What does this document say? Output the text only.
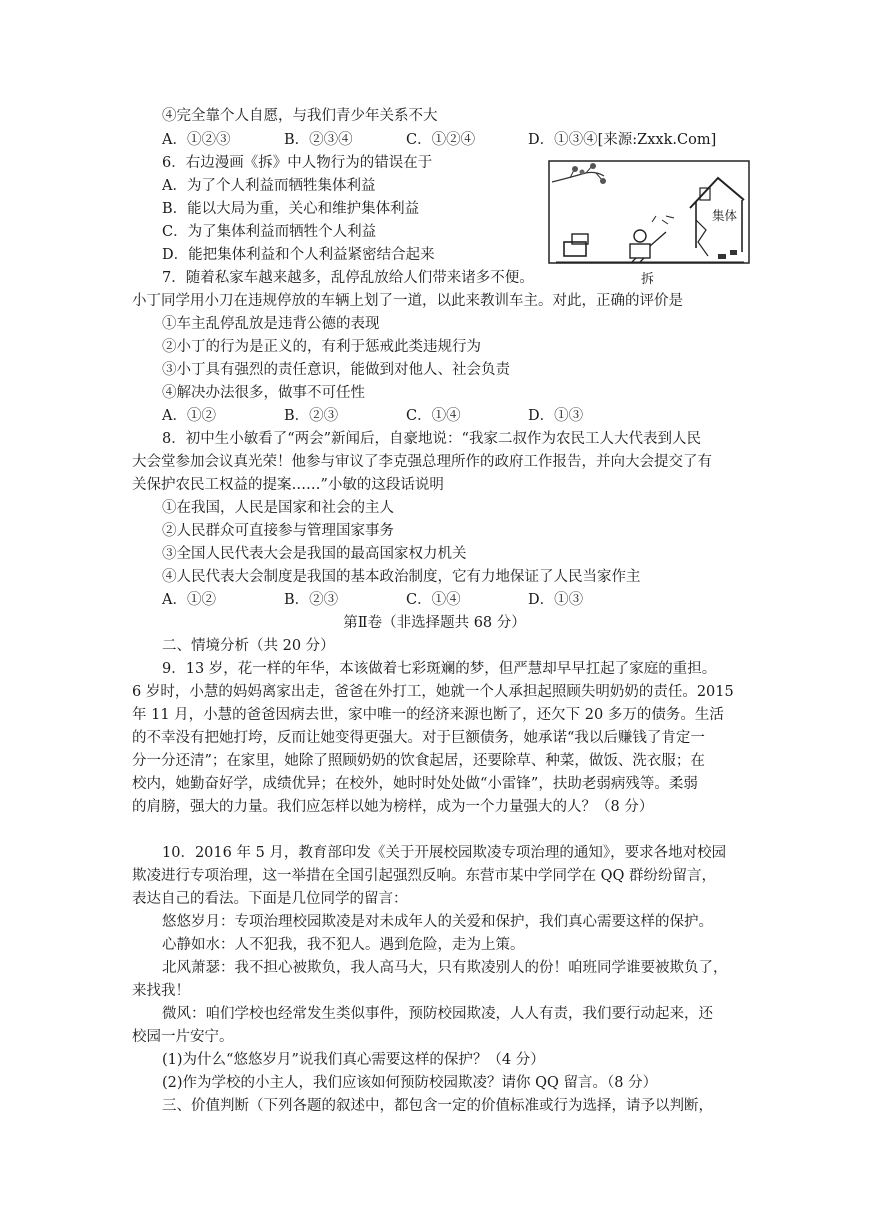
④完全靠个人自愿，与我们青少年关系不大
A．①②③	B．②③④	C．①②④	D．①③④[来源:Zxxk.Com]
6．右边漫画《拆》中人物行为的错误在于
A．为了个人利益而牺牲集体利益
B．能以大局为重，关心和维护集体利益
C．为了集体利益而牺牲个人利益
D．能把集体利益和个人利益紧密结合起来
集体
拆
7．随着私家车越来越多，乱停乱放给人们带来诸多不便。
小丁同学用小刀在违规停放的车辆上划了一道，以此来教训车主。对此，正确的评价是
①车主乱停乱放是违背公德的表现
②小丁的行为是正义的，有利于惩戒此类违规行为
③小丁具有强烈的责任意识，能做到对他人、社会负责
④解决办法很多，做事不可任性
A．①②	B．②③	C．①④	D．①③
8．初中生小敏看了“两会”新闻后，自豪地说：“我家二叔作为农民工人大代表到人民
大会堂参加会议真光荣！他参与审议了李克强总理所作的政府工作报告，并向大会提交了有
关保护农民工权益的提案……”小敏的这段话说明
①在我国，人民是国家和社会的主人
②人民群众可直接参与管理国家事务
③全国人民代表大会是我国的最高国家权力机关
④人民代表大会制度是我国的基本政治制度，它有力地保证了人民当家作主
A．①②	B．②③	C．①④	D．①③
第Ⅱ卷（非选择题共 68 分）
二、情境分析（共 20 分）
9．13 岁，花一样的年华，本该做着七彩斑斓的梦，但严慧却早早扛起了家庭的重担。
6 岁时，小慧的妈妈离家出走，爸爸在外打工，她就一个人承担起照顾失明奶奶的责任。2015
年 11 月，小慧的爸爸因病去世，家中唯一的经济来源也断了，还欠下 20 多万的债务。生活
的不幸没有把她打垮，反而让她变得更强大。对于巨额债务，她承诺“我以后赚钱了肯定一
分一分还清”；在家里，她除了照顾奶奶的饮食起居，还要除草、种菜，做饭、洗衣服；在
校内，她勤奋好学，成绩优异；在校外，她时时处处做“小雷锋”，扶助老弱病残等。柔弱
的肩膀，强大的力量。我们应怎样以她为榜样，成为一个力量强大的人？（8 分）
10．2016 年 5 月，教育部印发《关于开展校园欺凌专项治理的通知》，要求各地对校园
欺凌进行专项治理，这一举措在全国引起强烈反响。东营市某中学同学在 QQ 群纷纷留言，
表达自己的看法。下面是几位同学的留言：
悠悠岁月：专项治理校园欺凌是对未成年人的关爱和保护，我们真心需要这样的保护。
心静如水：人不犯我，我不犯人。遇到危险，走为上策。
北风萧瑟：我不担心被欺负，我人高马大，只有欺凌别人的份！咱班同学谁要被欺负了，
来找我！
微风：咱们学校也经常发生类似事件，预防校园欺凌，人人有责，我们要行动起来，还
校园一片安宁。
(1)为什么“悠悠岁月”说我们真心需要这样的保护？（4 分）
(2)作为学校的小主人，我们应该如何预防校园欺凌？请你 QQ 留言。（8 分）
三、价值判断（下列各题的叙述中，都包含一定的价值标准或行为选择，请予以判断，
